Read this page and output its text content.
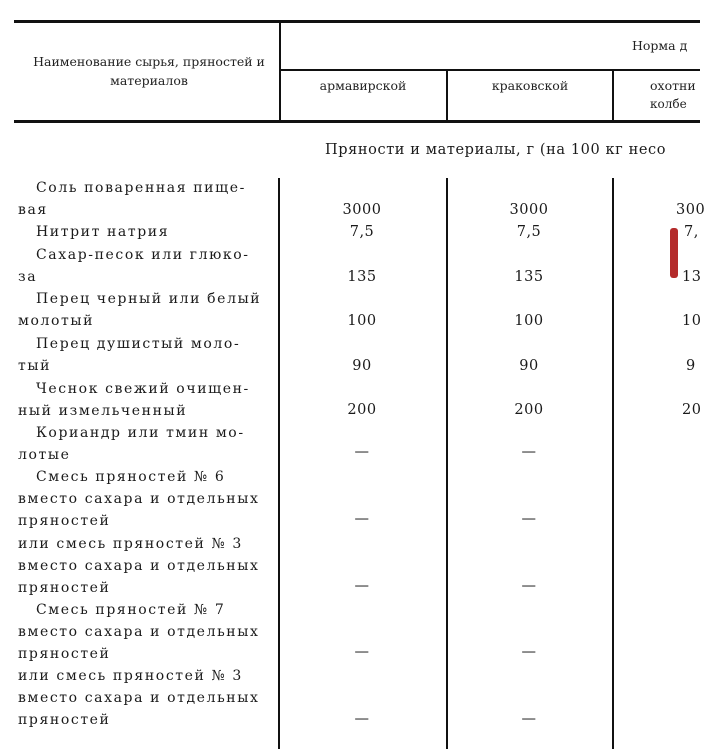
Наименование сырья, пряностей и материалов
Норма д
армавирской	краковской	охотни
колбе
Пряности и материалы, г (на 100 кг несо
Соль поваренная пище-
вая	3000	3000	300
Нитрит натрия	7,5	7,5	7,
Сахар-песок или глюко-
за	135	135	13
Перец черный или белый
молотый	100	100	10
Перец душистый моло-
тый	90	90	9
Чеснок свежий очищен-
ный измельченный	200	200	20
Кориандр или тмин мо-
лотые	—	—
Смесь пряностей № 6
вместо сахара и отдельных
пряностей	—	—
или смесь пряностей № 3
вместо сахара и отдельных
пряностей	—	—
Смесь пряностей № 7
вместо сахара и отдельных
пряностей	—	—
или смесь пряностей № 3
вместо сахара и отдельных
пряностей	—	—
